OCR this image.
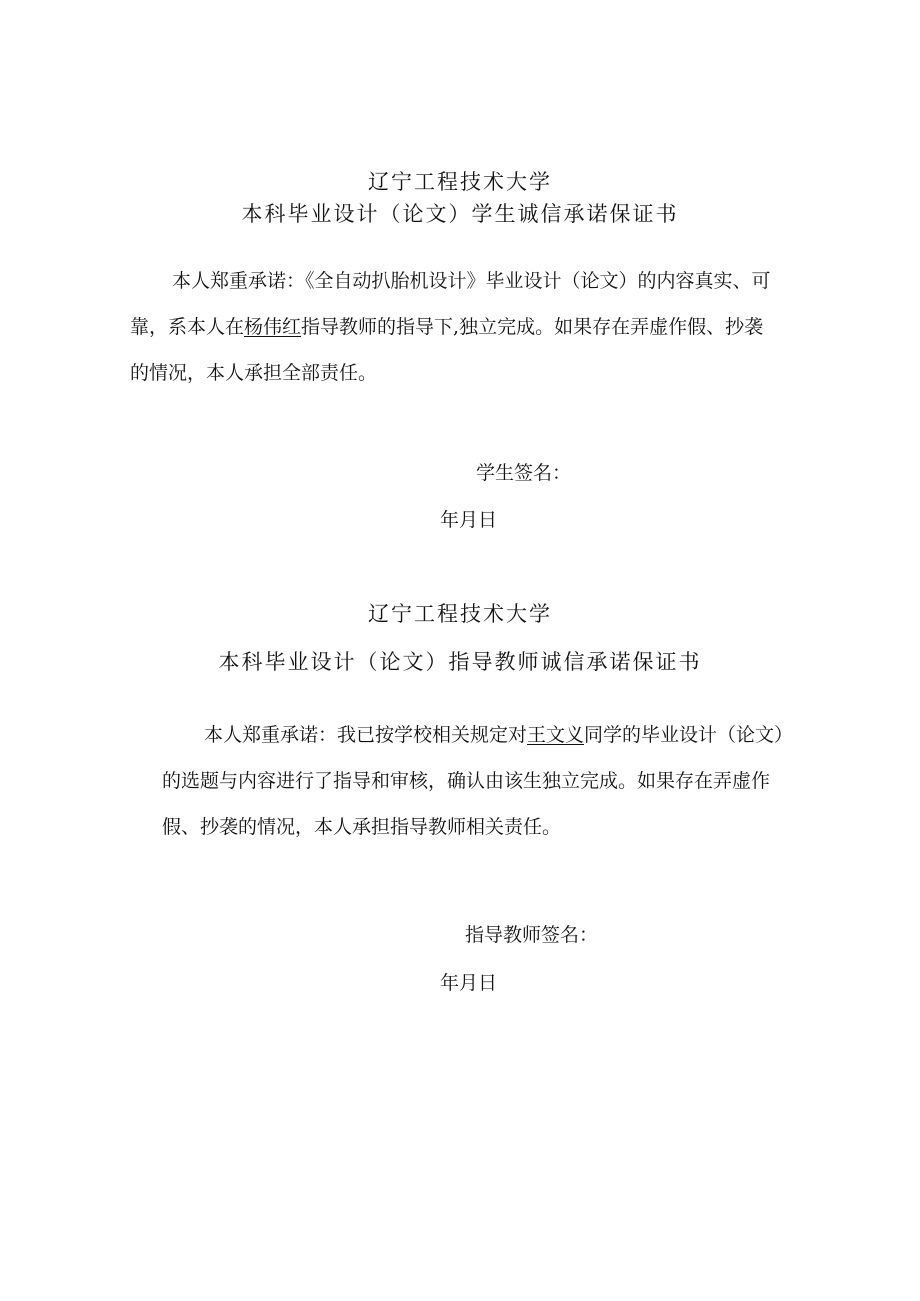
辽宁工程技术大学
本科毕业设计（论文）学生诚信承诺保证书
本人郑重承诺：《全自动扒胎机设计》毕业设计（论文）的内容真实、可
靠，系本人在杨伟红指导教师的指导下,独立完成。如果存在弄虚作假、抄袭
的情况，本人承担全部责任。
学生签名：
年月日
辽宁工程技术大学
本科毕业设计（论文）指导教师诚信承诺保证书
本人郑重承诺：我已按学校相关规定对王文义同学的毕业设计（论文）
的选题与内容进行了指导和审核，确认由该生独立完成。如果存在弄虚作
假、抄袭的情况，本人承担指导教师相关责任。
指导教师签名：
年月日
